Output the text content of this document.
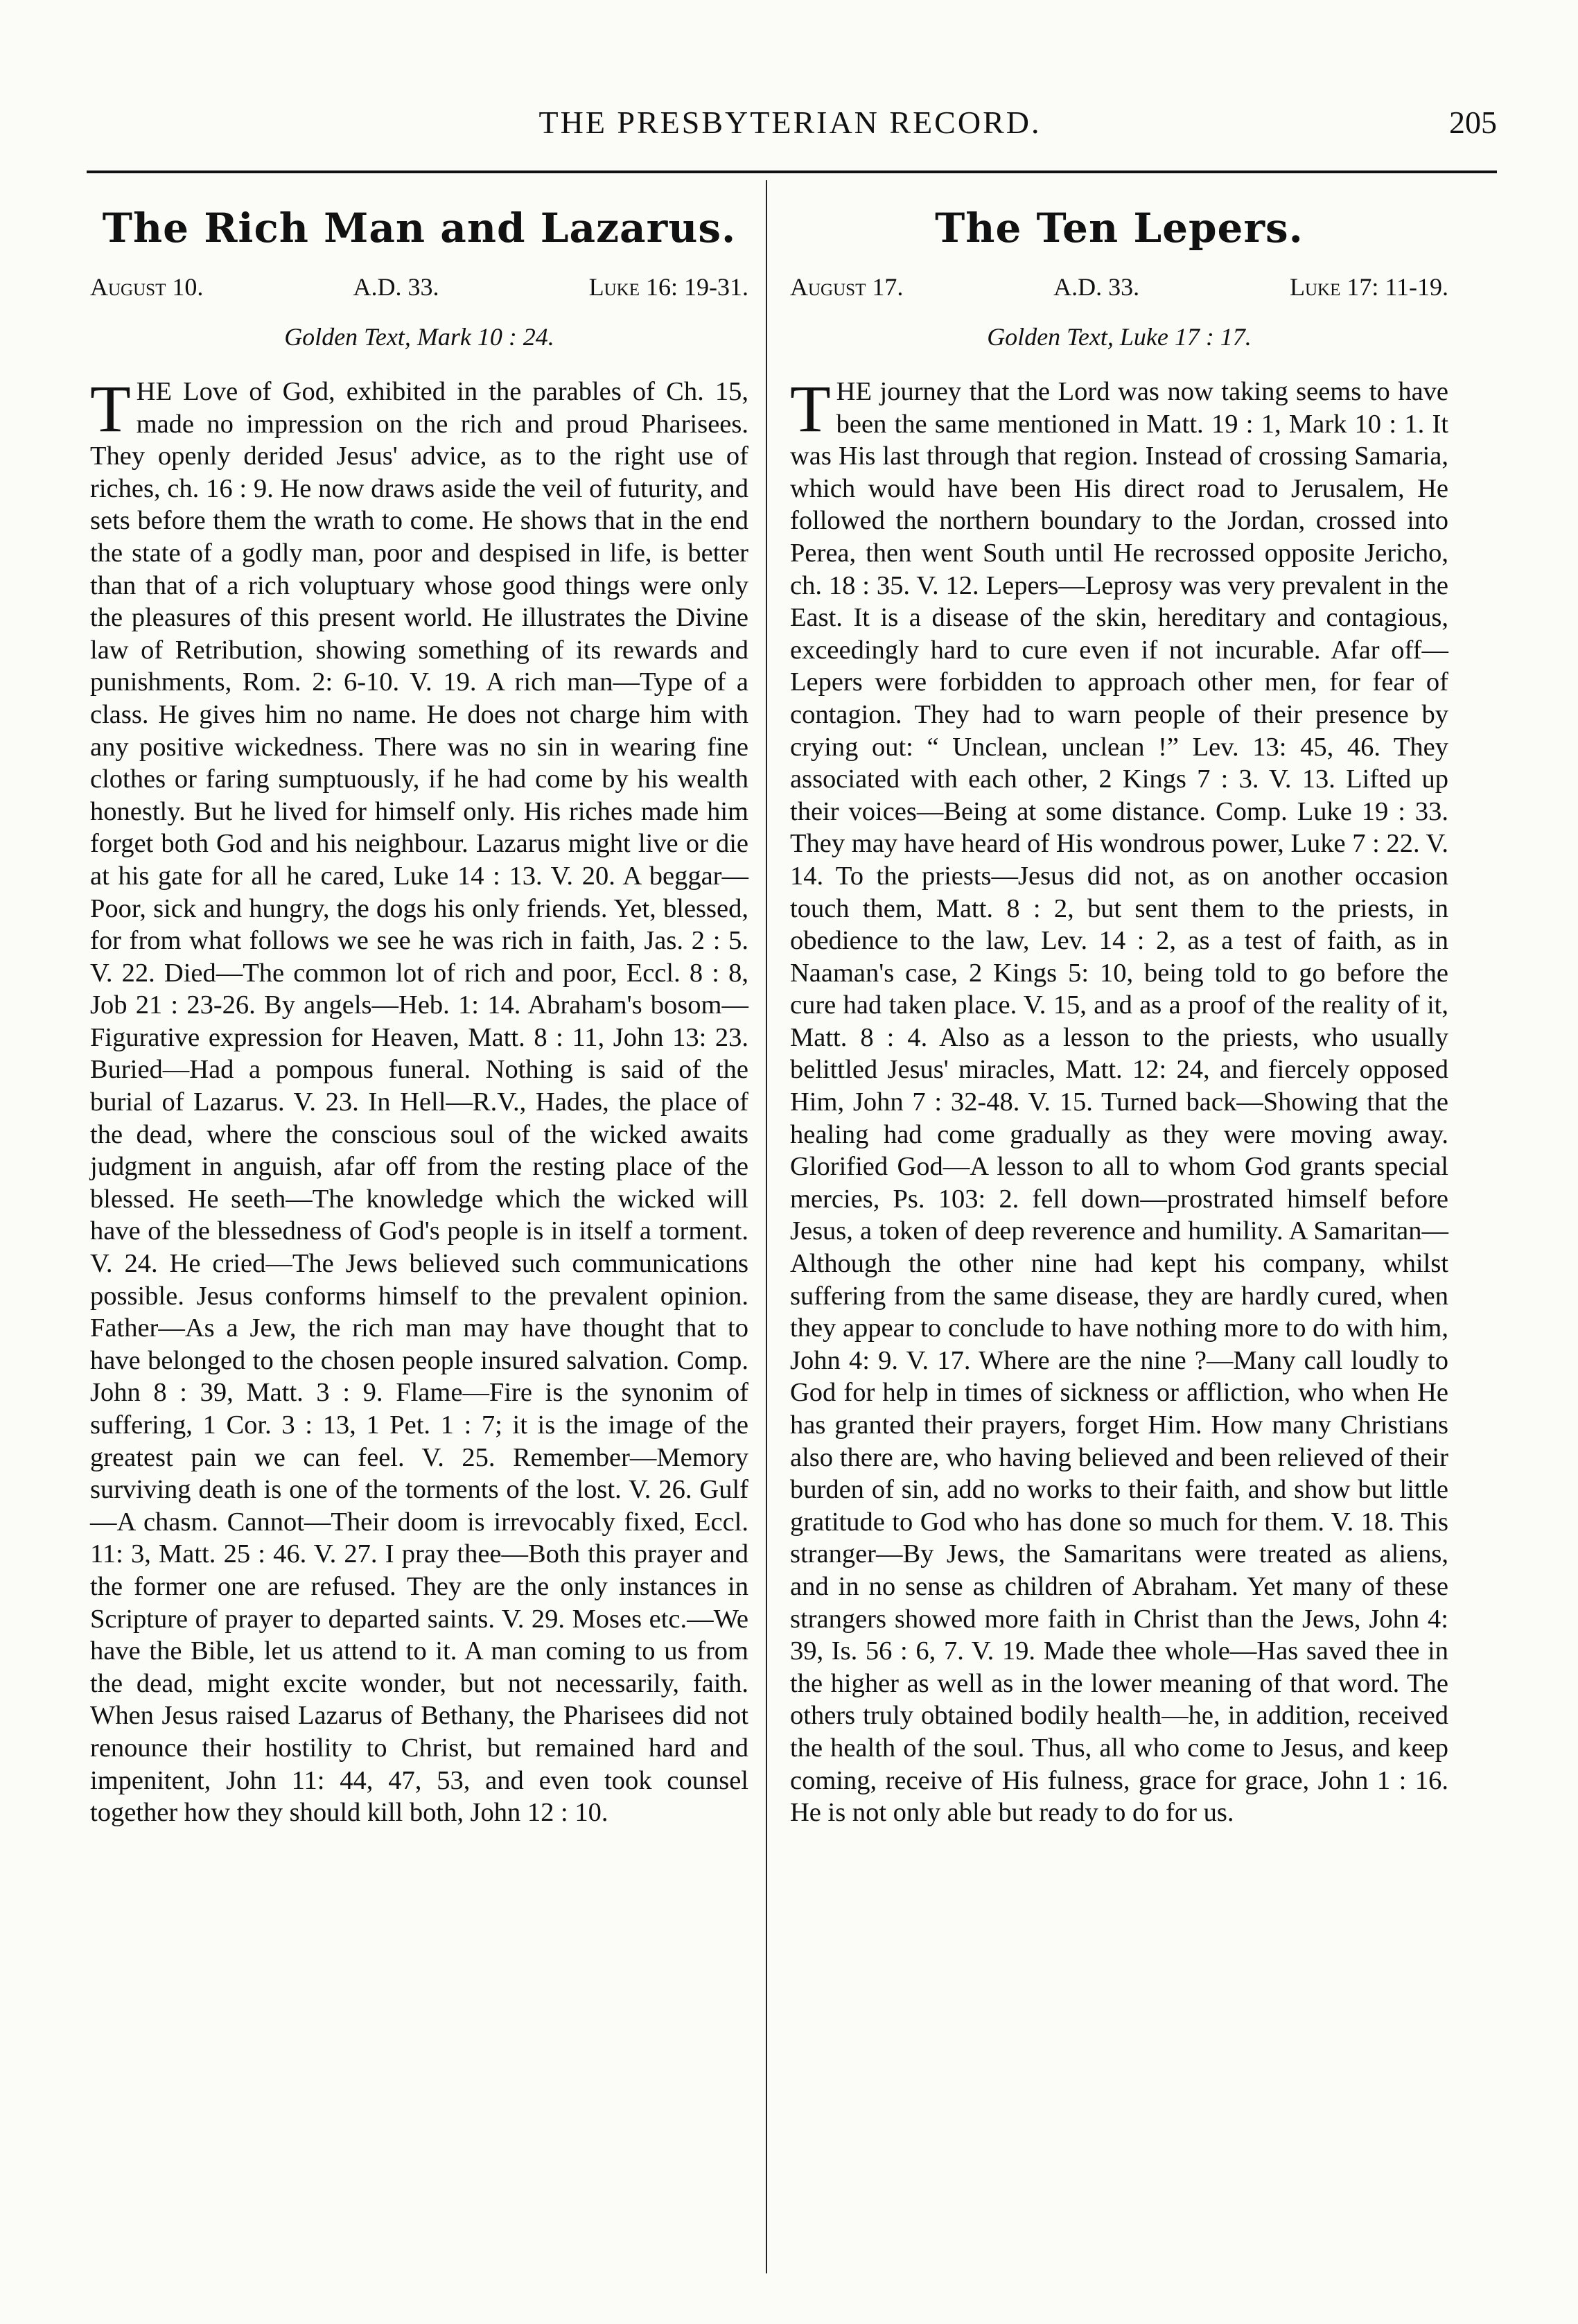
THE PRESBYTERIAN RECORD.	205
The Rich Man and Lazarus.
August 10.	A.D. 33.	Luke 16: 19-31.
Golden Text, Mark 10 : 24.
THE Love of God, exhibited in the parables of Ch. 15, made no impression on the rich and proud Pharisees. They openly derided Jesus' advice, as to the right use of riches, ch. 16 : 9. He now draws aside the veil of futurity, and sets before them the wrath to come. He shows that in the end the state of a godly man, poor and despised in life, is better than that of a rich voluptuary whose good things were only the pleasures of this present world. He illustrates the Divine law of Retribution, showing something of its rewards and punishments, Rom. 2: 6-10. V. 19. A rich man—Type of a class. He gives him no name. He does not charge him with any positive wickedness. There was no sin in wearing fine clothes or faring sumptuously, if he had come by his wealth honestly. But he lived for himself only. His riches made him forget both God and his neighbour. Lazarus might live or die at his gate for all he cared, Luke 14 : 13. V. 20. A beggar—Poor, sick and hungry, the dogs his only friends. Yet, blessed, for from what follows we see he was rich in faith, Jas. 2 : 5. V. 22. Died—The common lot of rich and poor, Eccl. 8 : 8, Job 21 : 23-26. By angels—Heb. 1: 14. Abraham's bosom—Figurative expression for Heaven, Matt. 8 : 11, John 13: 23. Buried—Had a pompous funeral. Nothing is said of the burial of Lazarus. V. 23. In Hell—R.V., Hades, the place of the dead, where the conscious soul of the wicked awaits judgment in anguish, afar off from the resting place of the blessed. He seeth—The knowledge which the wicked will have of the blessedness of God's people is in itself a torment. V. 24. He cried—The Jews believed such communications possible. Jesus conforms himself to the prevalent opinion. Father—As a Jew, the rich man may have thought that to have belonged to the chosen people insured salvation. Comp. John 8 : 39, Matt. 3 : 9. Flame—Fire is the synonim of suffering, 1 Cor. 3 : 13, 1 Pet. 1 : 7; it is the image of the greatest pain we can feel. V. 25. Remember—Memory surviving death is one of the torments of the lost. V. 26. Gulf—A chasm. Cannot—Their doom is irrevocably fixed, Eccl. 11: 3, Matt. 25 : 46. V. 27. I pray thee—Both this prayer and the former one are refused. They are the only instances in Scripture of prayer to departed saints. V. 29. Moses etc.—We have the Bible, let us attend to it. A man coming to us from the dead, might excite wonder, but not necessarily, faith. When Jesus raised Lazarus of Bethany, the Pharisees did not renounce their hostility to Christ, but remained hard and impenitent, John 11: 44, 47, 53, and even took counsel together how they should kill both, John 12 : 10.
The Ten Lepers.
August 17.	A.D. 33.	Luke 17: 11-19.
Golden Text, Luke 17 : 17.
THE journey that the Lord was now taking seems to have been the same mentioned in Matt. 19 : 1, Mark 10 : 1. It was His last through that region. Instead of crossing Samaria, which would have been His direct road to Jerusalem, He followed the northern boundary to the Jordan, crossed into Perea, then went South until He recrossed opposite Jericho, ch. 18 : 35. V. 12. Lepers—Leprosy was very prevalent in the East. It is a disease of the skin, hereditary and contagious, exceedingly hard to cure even if not incurable. Afar off—Lepers were forbidden to approach other men, for fear of contagion. They had to warn people of their presence by crying out: “ Unclean, unclean !” Lev. 13: 45, 46. They associated with each other, 2 Kings 7 : 3. V. 13. Lifted up their voices—Being at some distance. Comp. Luke 19 : 33. They may have heard of His wondrous power, Luke 7 : 22. V. 14. To the priests—Jesus did not, as on another occasion touch them, Matt. 8 : 2, but sent them to the priests, in obedience to the law, Lev. 14 : 2, as a test of faith, as in Naaman's case, 2 Kings 5: 10, being told to go before the cure had taken place. V. 15, and as a proof of the reality of it, Matt. 8 : 4. Also as a lesson to the priests, who usually belittled Jesus' miracles, Matt. 12: 24, and fiercely opposed Him, John 7 : 32-48. V. 15. Turned back—Showing that the healing had come gradually as they were moving away. Glorified God—A lesson to all to whom God grants special mercies, Ps. 103: 2. fell down—prostrated himself before Jesus, a token of deep reverence and humility. A Samaritan—Although the other nine had kept his company, whilst suffering from the same disease, they are hardly cured, when they appear to conclude to have nothing more to do with him, John 4: 9. V. 17. Where are the nine ?—Many call loudly to God for help in times of sickness or affliction, who when He has granted their prayers, forget Him. How many Christians also there are, who having believed and been relieved of their burden of sin, add no works to their faith, and show but little gratitude to God who has done so much for them. V. 18. This stranger—By Jews, the Samaritans were treated as aliens, and in no sense as children of Abraham. Yet many of these strangers showed more faith in Christ than the Jews, John 4: 39, Is. 56 : 6, 7. V. 19. Made thee whole—Has saved thee in the higher as well as in the lower meaning of that word. The others truly obtained bodily health—he, in addition, received the health of the soul. Thus, all who come to Jesus, and keep coming, receive of His fulness, grace for grace, John 1 : 16. He is not only able but ready to do for us.
